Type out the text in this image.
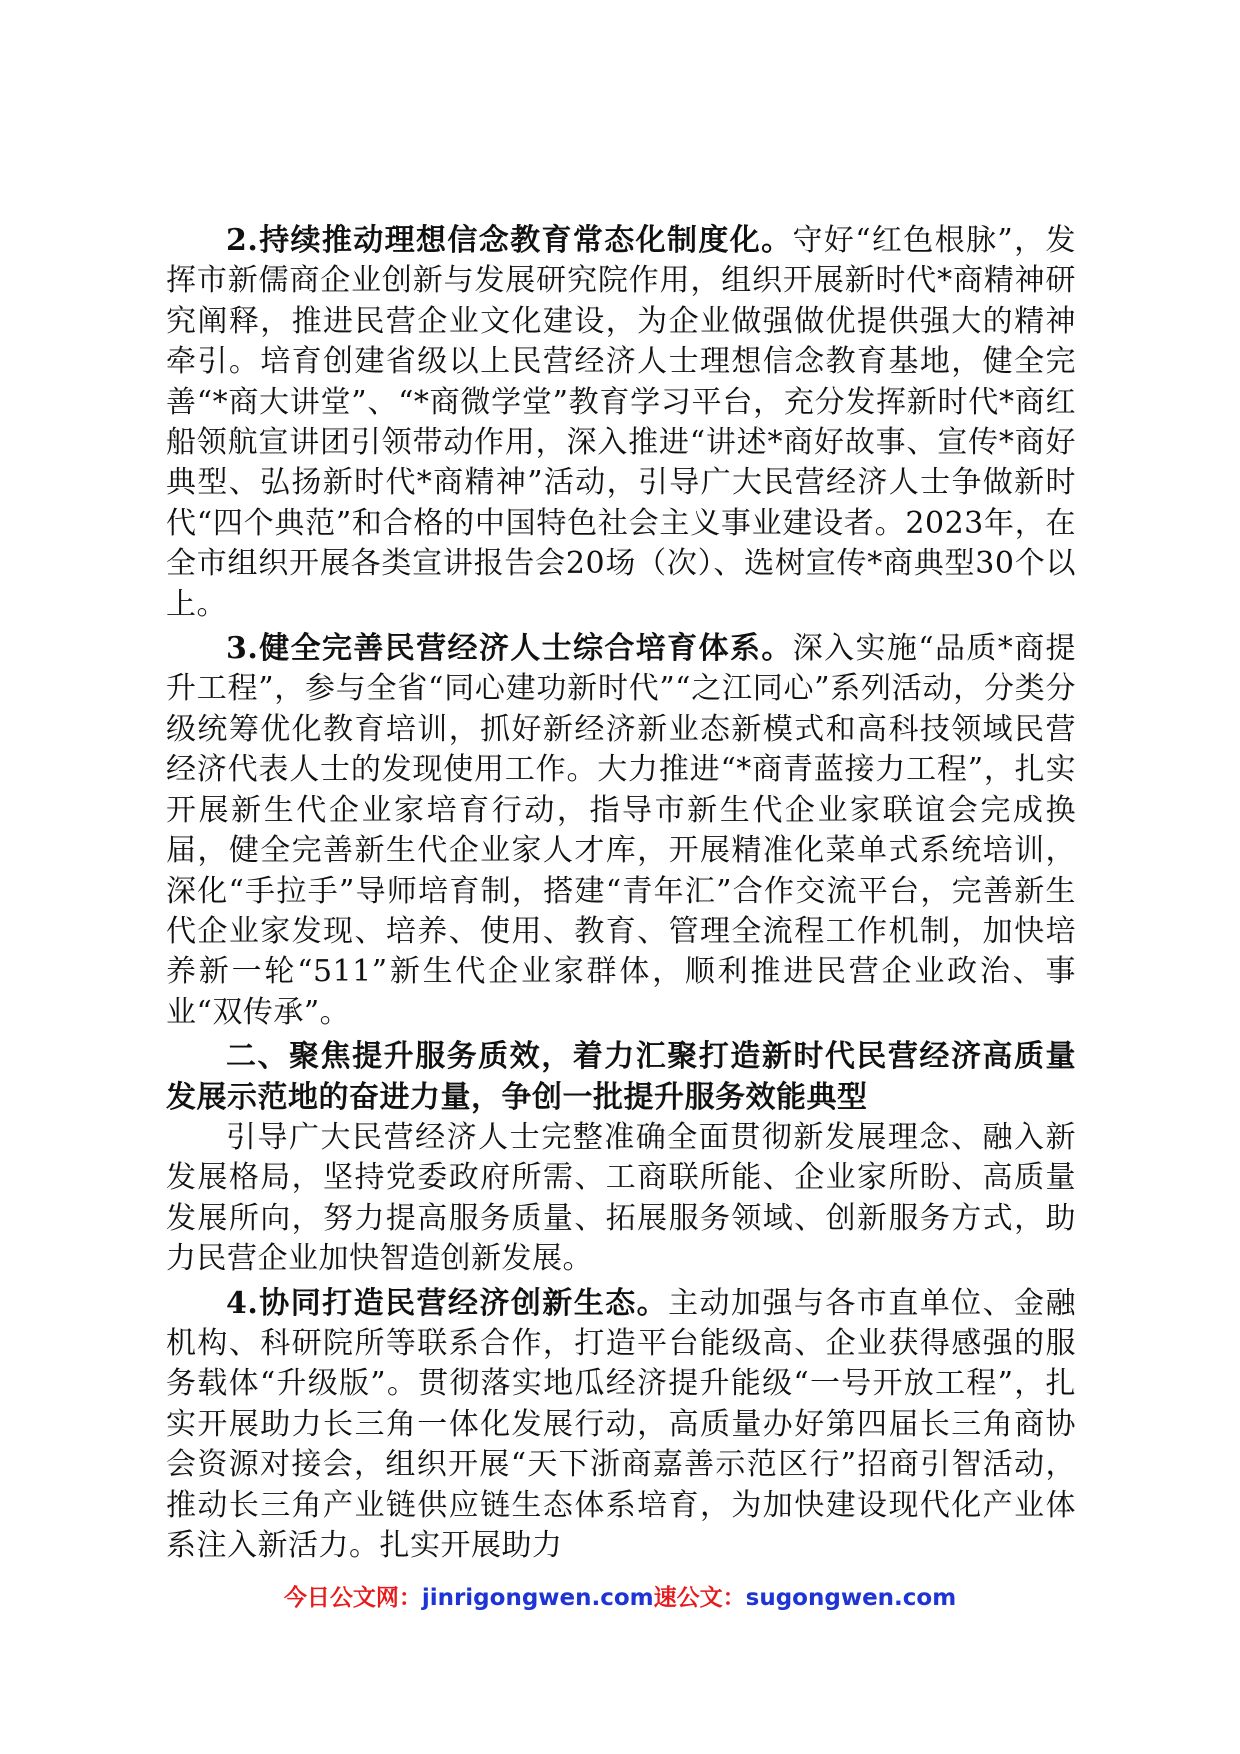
2.持续推动理想信念教育常态化制度化。守好“红色根脉”，发挥市新儒商企业创新与发展研究院作用，组织开展新时代*商精神研究阐释，推进民营企业文化建设，为企业做强做优提供强大的精神牵引。培育创建省级以上民营经济人士理想信念教育基地，健全完善“*商大讲堂”、“*商微学堂”教育学习平台，充分发挥新时代*商红船领航宣讲团引领带动作用，深入推进“讲述*商好故事、宣传*商好典型、弘扬新时代*商精神”活动，引导广大民营经济人士争做新时代“四个典范”和合格的中国特色社会主义事业建设者。2023年，在全市组织开展各类宣讲报告会20场（次）、选树宣传*商典型30个以上。

3.健全完善民营经济人士综合培育体系。深入实施“品质*商提升工程”，参与全省“同心建功新时代”“之江同心”系列活动，分类分级统筹优化教育培训，抓好新经济新业态新模式和高科技领域民营经济代表人士的发现使用工作。大力推进“*商青蓝接力工程”，扎实开展新生代企业家培育行动，指导市新生代企业家联谊会完成换届，健全完善新生代企业家人才库，开展精准化菜单式系统培训，深化“手拉手”导师培育制，搭建“青年汇”合作交流平台，完善新生代企业家发现、培养、使用、教育、管理全流程工作机制，加快培养新一轮“511”新生代企业家群体，顺利推进民营企业政治、事业“双传承”。

二、聚焦提升服务质效，着力汇聚打造新时代民营经济高质量发展示范地的奋进力量，争创一批提升服务效能典型

引导广大民营经济人士完整准确全面贯彻新发展理念、融入新发展格局，坚持党委政府所需、工商联所能、企业家所盼、高质量发展所向，努力提高服务质量、拓展服务领域、创新服务方式，助力民营企业加快智造创新发展。

4.协同打造民营经济创新生态。主动加强与各市直单位、金融机构、科研院所等联系合作，打造平台能级高、企业获得感强的服务载体“升级版”。贯彻落实地瓜经济提升能级“一号开放工程”，扎实开展助力长三角一体化发展行动，高质量办好第四届长三角商协会资源对接会，组织开展“天下浙商嘉善示范区行”招商引智活动，推动长三角产业链供应链生态体系培育，为加快建设现代化产业体系注入新活力。扎实开展助力

今日公文网：jinrigongwen.com速公文：sugongwen.com
